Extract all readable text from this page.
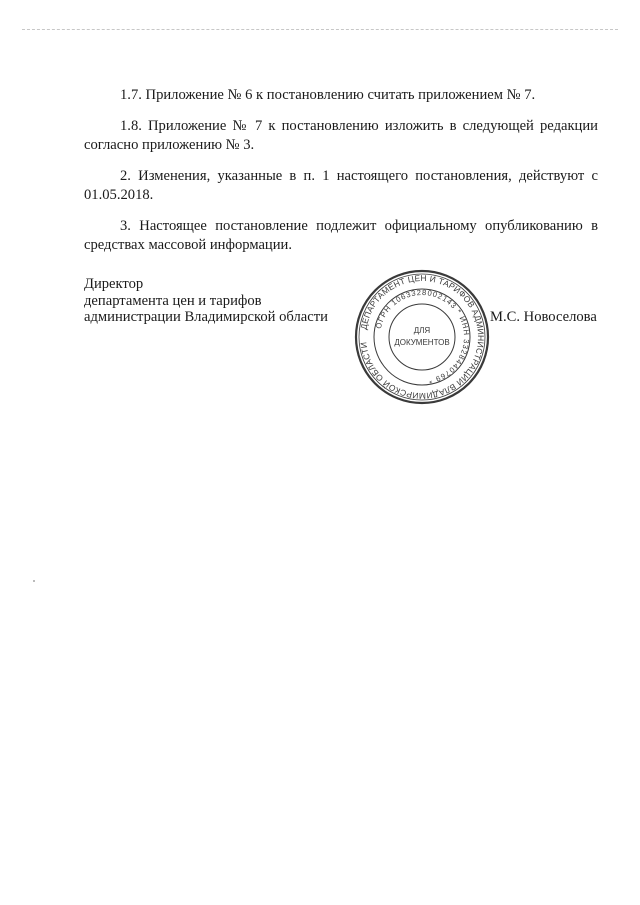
1.7. Приложение № 6 к постановлению считать приложением № 7.

1.8. Приложение № 7 к постановлению изложить в следующей редакции согласно приложению № 3.

2. Изменения, указанные в п. 1 настоящего постановления, действуют с 01.05.2018.

3. Настоящее постановление подлежит официальному опубликованию в средствах массовой информации.

Директор
департамента цен и тарифов
администрации Владимирской области
ДЕПАРТАМЕНТ ЦЕН И ТАРИФОВ АДМИНИСТРАЦИИ ВЛАДИМИРСКОЙ ОБЛАСТИ
ОГРН 1063328002143 * ИНН 3328440769 *
ДЛЯ
ДОКУМЕНТОВ
М.С. Новоселова
